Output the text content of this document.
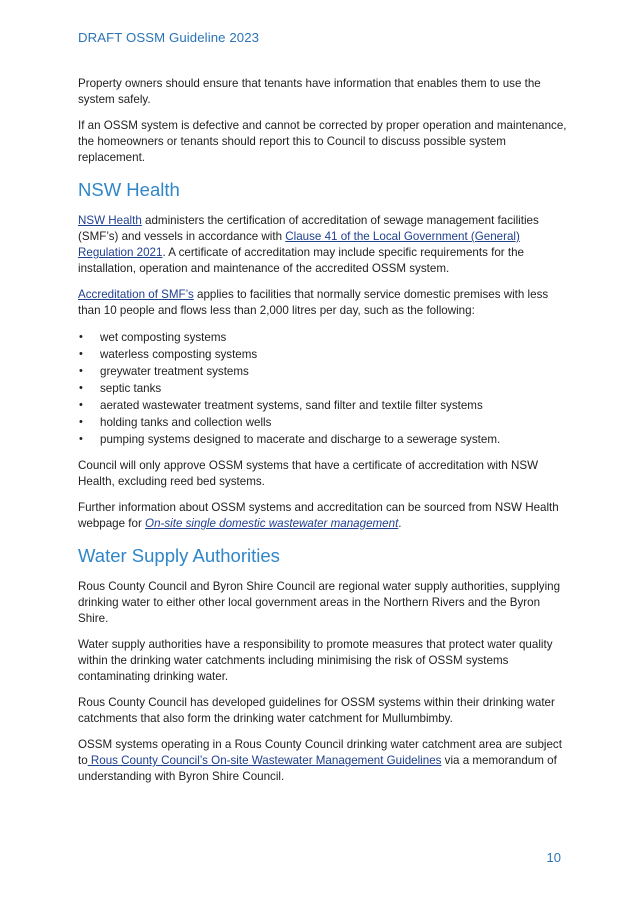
DRAFT OSSM Guideline 2023

Property owners should ensure that tenants have information that enables them to use the system safely.

If an OSSM system is defective and cannot be corrected by proper operation and maintenance, the homeowners or tenants should report this to Council to discuss possible system replacement.

NSW Health

NSW Health administers the certification of accreditation of sewage management facilities (SMF’s) and vessels in accordance with Clause 41 of the Local Government (General) Regulation 2021. A certificate of accreditation may include specific requirements for the installation, operation and maintenance of the accredited OSSM system.

Accreditation of SMF’s applies to facilities that normally service domestic premises with less than 10 people and flows less than 2,000 litres per day, such as the following:

• wet composting systems
• waterless composting systems
• greywater treatment systems
• septic tanks
• aerated wastewater treatment systems, sand filter and textile filter systems
• holding tanks and collection wells
• pumping systems designed to macerate and discharge to a sewerage system.

Council will only approve OSSM systems that have a certificate of accreditation with NSW Health, excluding reed bed systems.

Further information about OSSM systems and accreditation can be sourced from NSW Health webpage for On-site single domestic wastewater management.

Water Supply Authorities

Rous County Council and Byron Shire Council are regional water supply authorities, supplying drinking water to either other local government areas in the Northern Rivers and the Byron Shire.

Water supply authorities have a responsibility to promote measures that protect water quality within the drinking water catchments including minimising the risk of OSSM systems contaminating drinking water.

Rous County Council has developed guidelines for OSSM systems within their drinking water catchments that also form the drinking water catchment for Mullumbimby.

OSSM systems operating in a Rous County Council drinking water catchment area are subject to Rous County Council’s On-site Wastewater Management Guidelines via a memorandum of understanding with Byron Shire Council.

10
